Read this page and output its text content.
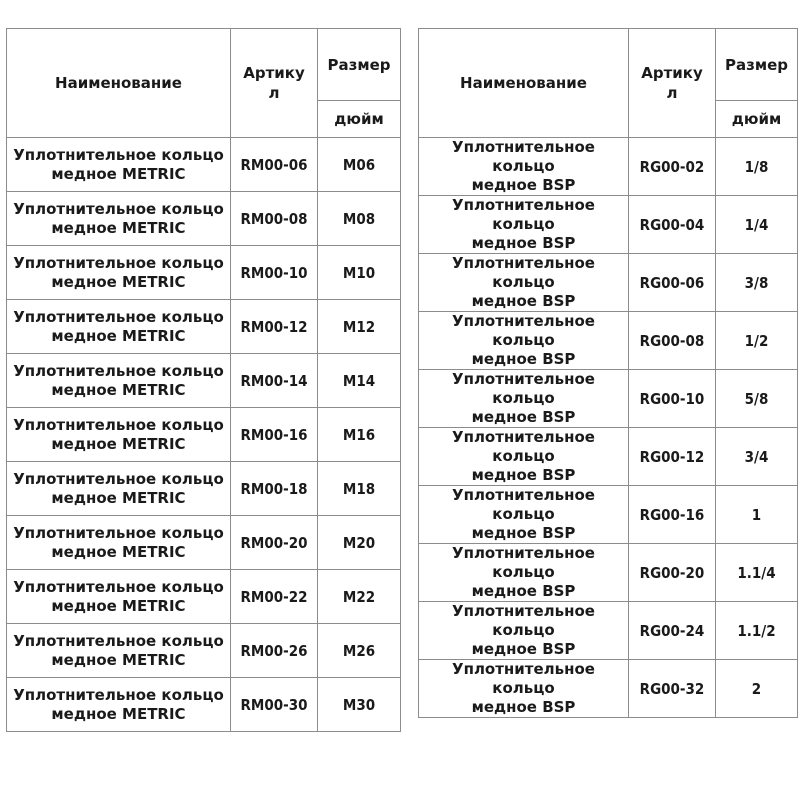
Наименование	Артику
л	Размер
		дюйм
Уплотнительное кольцо
медное METRIC	RM00-06	M06
Уплотнительное кольцо
медное METRIC	RM00-08	M08
Уплотнительное кольцо
медное METRIC	RM00-10	M10
Уплотнительное кольцо
медное METRIC	RM00-12	M12
Уплотнительное кольцо
медное METRIC	RM00-14	M14
Уплотнительное кольцо
медное METRIC	RM00-16	M16
Уплотнительное кольцо
медное METRIC	RM00-18	M18
Уплотнительное кольцо
медное METRIC	RM00-20	M20
Уплотнительное кольцо
медное METRIC	RM00-22	M22
Уплотнительное кольцо
медное METRIC	RM00-26	M26
Уплотнительное кольцо
медное METRIC	RM00-30	M30
Наименование	Артику
л	Размер
		дюйм
Уплотнительное кольцо
медное BSP	RG00-02	1/8
Уплотнительное кольцо
медное BSP	RG00-04	1/4
Уплотнительное кольцо
медное BSP	RG00-06	3/8
Уплотнительное кольцо
медное BSP	RG00-08	1/2
Уплотнительное кольцо
медное BSP	RG00-10	5/8
Уплотнительное кольцо
медное BSP	RG00-12	3/4
Уплотнительное кольцо
медное BSP	RG00-16	1
Уплотнительное кольцо
медное BSP	RG00-20	1.1/4
Уплотнительное кольцо
медное BSP	RG00-24	1.1/2
Уплотнительное кольцо
медное BSP	RG00-32	2
